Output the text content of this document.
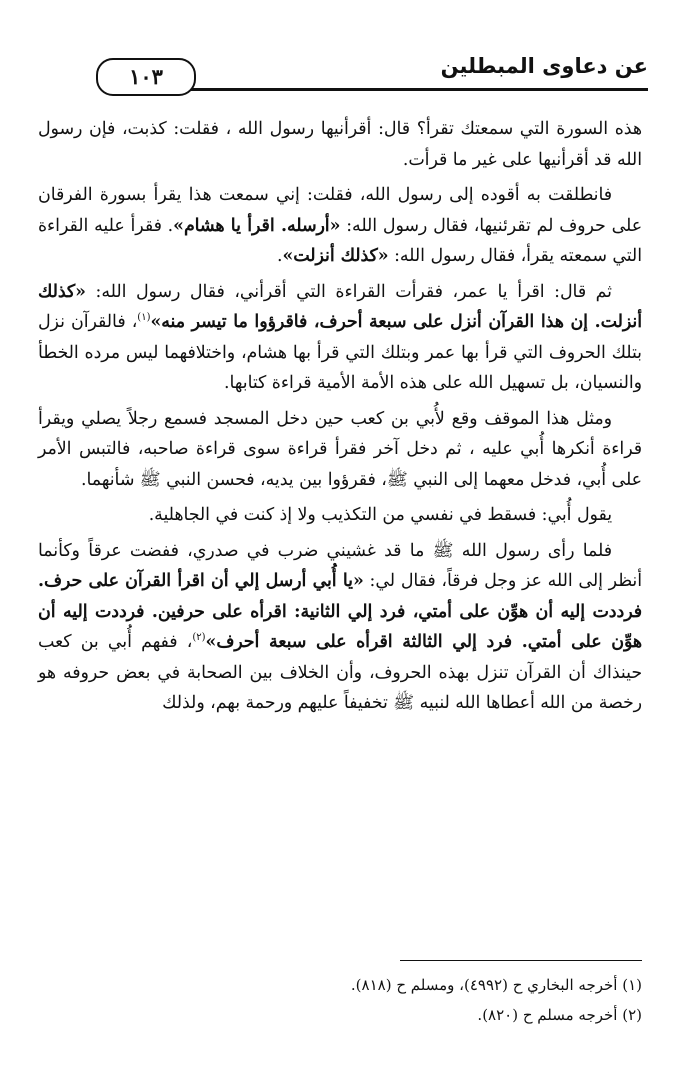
عن دعاوى المبطلين
١٠٣

هذه السورة التي سمعتك تقرأ؟ قال: أقرأنيها رسول الله ، فقلت: كذبت، فإن رسول الله قد أقرأنيها على غير ما قرأت.

فانطلقت به أقوده إلى رسول الله، فقلت: إني سمعت هذا يقرأ بسورة الفرقان على حروف لم تقرئنيها، فقال رسول الله: «أرسله. اقرأ يا هشام». فقرأ عليه القراءة التي سمعته يقرأ، فقال رسول الله: «كذلك أنزلت».

ثم قال: اقرأ يا عمر، فقرأت القراءة التي أقرأني، فقال رسول الله: «كذلك أنزلت. إن هذا القرآن أنزل على سبعة أحرف، فاقرؤوا ما تيسر منه»$^{(١)}$، فالقرآن نزل بتلك الحروف التي قرأ بها عمر وبتلك التي قرأ بها هشام، واختلافهما ليس مرده الخطأ والنسيان، بل تسهيل الله على هذه الأمة الأمية قراءة كتابها.

ومثل هذا الموقف وقع لأُبي بن كعب حين دخل المسجد فسمع رجلاً يصلي ويقرأ قراءة أنكرها أُبي عليه ، ثم دخل آخر فقرأ قراءة سوى قراءة صاحبه، فالتبس الأمر على أُبي، فدخل معهما إلى النبي ﷺ، فقرؤوا بين يديه، فحسن النبي ﷺ شأنهما.

يقول أُبي: فسقط في نفسي من التكذيب ولا إذ كنت في الجاهلية.

فلما رأى رسول الله ﷺ ما قد غشيني ضرب في صدري، ففضت عرقاً وكأنما أنظر إلى الله عز وجل فرقاً، فقال لي: «يا أُبي أرسل إلي أن اقرأ القرآن على حرف. فرددت إليه أن هوِّن على أمتي، فرد إلي الثانية: اقرأه على حرفين. فرددت إليه أن هوِّن على أمتي. فرد إلي الثالثة اقرأه على سبعة أحرف»$^{(٢)}$، ففهم أُبي بن كعب حينذاك أن القرآن تنزل بهذه الحروف، وأن الخلاف بين الصحابة في بعض حروفه هو رخصة من الله أعطاها الله لنبيه ﷺ تخفيفاً عليهم ورحمة بهم، ولذلك

(١) أخرجه البخاري ح (٤٩٩٢)، ومسلم ح (٨١٨).
(٢) أخرجه مسلم ح (٨٢٠).
